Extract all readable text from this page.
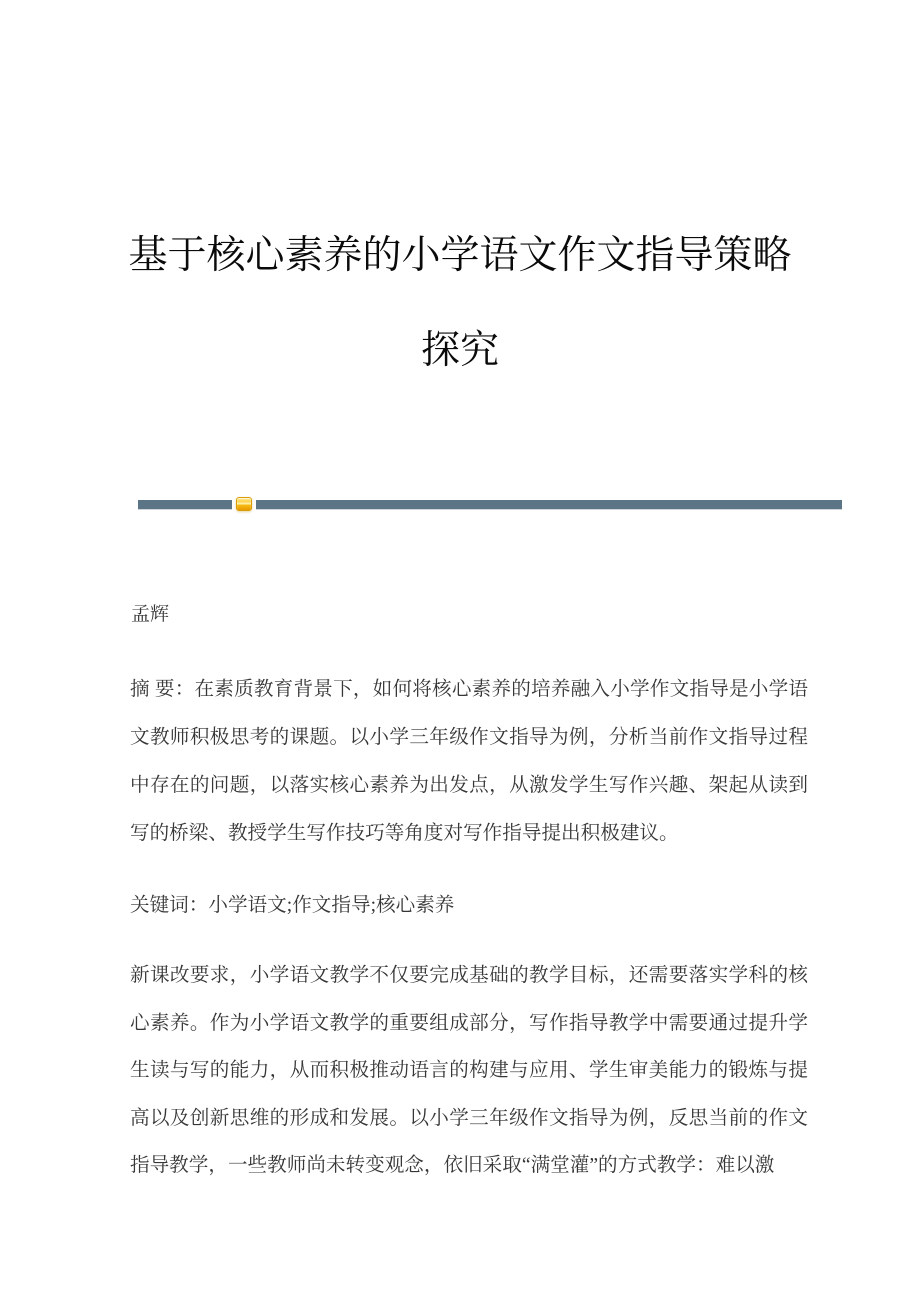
基于核心素养的小学语文作文指导策略
探究
孟辉

摘 要：在素质教育背景下，如何将核心素养的培养融入小学作文指导是小学语文教师积极思考的课题。以小学三年级作文指导为例，分析当前作文指导过程中存在的问题，以落实核心素养为出发点，从激发学生写作兴趣、架起从读到写的桥梁、教授学生写作技巧等角度对写作指导提出积极建议。

关键词：小学语文;作文指导;核心素养

新课改要求，小学语文教学不仅要完成基础的教学目标，还需要落实学科的核心素养。作为小学语文教学的重要组成部分，写作指导教学中需要通过提升学生读与写的能力，从而积极推动语言的构建与应用、学生审美能力的锻炼与提高以及创新思维的形成和发展。以小学三年级作文指导为例，反思当前的作文指导教学，一些教师尚未转变观念，依旧采取“满堂灌”的方式教学：难以激
